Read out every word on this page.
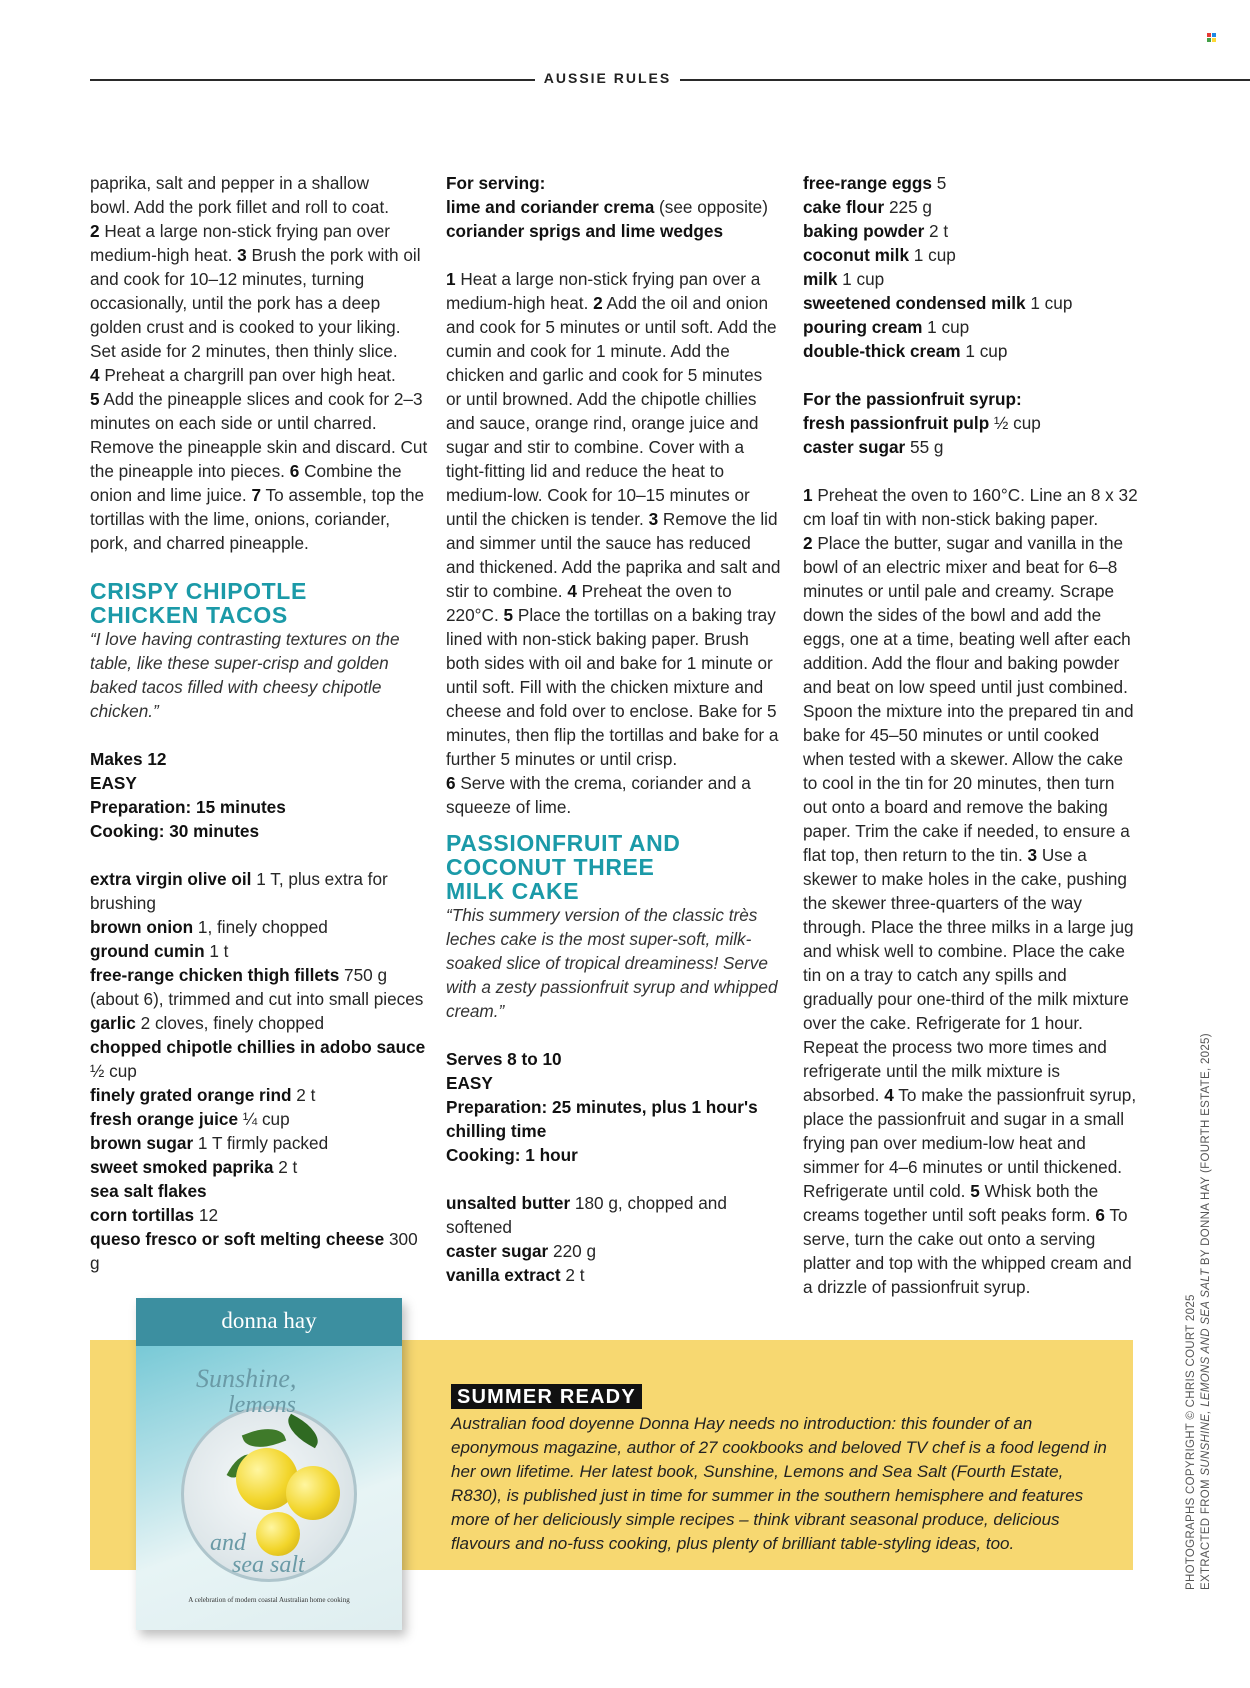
AUSSIE RULES

paprika, salt and pepper in a shallow

bowl. Add the pork fillet and roll to coat.

2 Heat a large non-stick frying pan over medium-high heat. 3 Brush the pork with oil and cook for 10–12 minutes, turning occasionally, until the pork has a deep golden crust and is cooked to your liking. Set aside for 2 minutes, then thinly slice.

4 Preheat a chargrill pan over high heat.

5 Add the pineapple slices and cook for 2–3 minutes on each side or until charred. Remove the pineapple skin and discard. Cut the pineapple into pieces. 6 Combine the onion and lime juice. 7 To assemble, top the tortillas with the lime, onions, coriander, pork, and charred pineapple.

CRISPY CHIPOTLE
CHICKEN TACOS

“I love having contrasting textures on the table, like these super-crisp and golden baked tacos filled with cheesy chipotle chicken.”

Makes 12

EASY

Preparation: 15 minutes

Cooking: 30 minutes

extra virgin olive oil 1 T, plus extra for brushing

brown onion 1, finely chopped

ground cumin 1 t

free-range chicken thigh fillets 750 g (about 6), trimmed and cut into small pieces

garlic 2 cloves, finely chopped

chopped chipotle chillies in adobo sauce ½ cup

finely grated orange rind 2 t

fresh orange juice ¼ cup

brown sugar 1 T firmly packed

sweet smoked paprika 2 t

sea salt flakes

corn tortillas 12

queso fresco or soft melting cheese 300 g

For serving:

lime and coriander crema (see opposite)

coriander sprigs and lime wedges

1 Heat a large non-stick frying pan over a medium-high heat. 2 Add the oil and onion and cook for 5 minutes or until soft. Add the cumin and cook for 1 minute. Add the chicken and garlic and cook for 5 minutes or until browned. Add the chipotle chillies and sauce, orange rind, orange juice and sugar and stir to combine. Cover with a tight-fitting lid and reduce the heat to medium-low. Cook for 10–15 minutes or until the chicken is tender. 3 Remove the lid and simmer until the sauce has reduced and thickened. Add the paprika and salt and stir to combine. 4 Preheat the oven to 220°C. 5 Place the tortillas on a baking tray lined with non-stick baking paper. Brush both sides with oil and bake for 1 minute or until soft. Fill with the chicken mixture and cheese and fold over to enclose. Bake for 5 minutes, then flip the tortillas and bake for a further 5 minutes or until crisp.

6 Serve with the crema, coriander and a squeeze of lime.

PASSIONFRUIT AND
COCONUT THREE
MILK CAKE

“This summery version of the classic très leches cake is the most super-soft, milk-soaked slice of tropical dreaminess! Serve with a zesty passionfruit syrup and whipped cream.”

Serves 8 to 10

EASY

Preparation: 25 minutes, plus 1 hour's chilling time

Cooking: 1 hour

unsalted butter 180 g, chopped and softened

caster sugar 220 g

vanilla extract 2 t

free-range eggs 5

cake flour 225 g

baking powder 2 t

coconut milk 1 cup

milk 1 cup

sweetened condensed milk 1 cup

pouring cream 1 cup

double-thick cream 1 cup

For the passionfruit syrup:

fresh passionfruit pulp ½ cup

caster sugar 55 g

1 Preheat the oven to 160°C. Line an 8 x 32 cm loaf tin with non-stick baking paper.

2 Place the butter, sugar and vanilla in the bowl of an electric mixer and beat for 6–8 minutes or until pale and creamy. Scrape down the sides of the bowl and add the eggs, one at a time, beating well after each addition. Add the flour and baking powder and beat on low speed until just combined. Spoon the mixture into the prepared tin and bake for 45–50 minutes or until cooked when tested with a skewer. Allow the cake to cool in the tin for 20 minutes, then turn out onto a board and remove the baking paper. Trim the cake if needed, to ensure a flat top, then return to the tin. 3 Use a skewer to make holes in the cake, pushing the skewer three-quarters of the way through. Place the three milks in a large jug and whisk well to combine. Place the cake tin on a tray to catch any spills and gradually pour one-third of the milk mixture over the cake. Refrigerate for 1 hour. Repeat the process two more times and refrigerate until the milk mixture is absorbed. 4 To make the passionfruit syrup, place the passionfruit and sugar in a small frying pan over medium-low heat and simmer for 4–6 minutes or until thickened. Refrigerate until cold. 5 Whisk both the creams together until soft peaks form. 6 To serve, turn the cake out onto a serving platter and top with the whipped cream and a drizzle of passionfruit syrup.

donna hay
Sunshine,
lemons
and
sea salt
A celebration of modern coastal Australian home cooking
SUMMER READY

Australian food doyenne Donna Hay needs no introduction: this founder of an eponymous magazine, author of 27 cookbooks and beloved TV chef is a food legend in her own lifetime. Her latest book, Sunshine, Lemons and Sea Salt (Fourth Estate, R830), is published just in time for summer in the southern hemisphere and features more of her deliciously simple recipes – think vibrant seasonal produce, delicious flavours and no-fuss cooking, plus plenty of brilliant table-styling ideas, too.	PHOTOGRAPHS COPYRIGHT © CHRIS COURT 2025
EXTRACTED FROM SUNSHINE, LEMONS AND SEA SALT BY DONNA HAY (FOURTH ESTATE, 2025)
